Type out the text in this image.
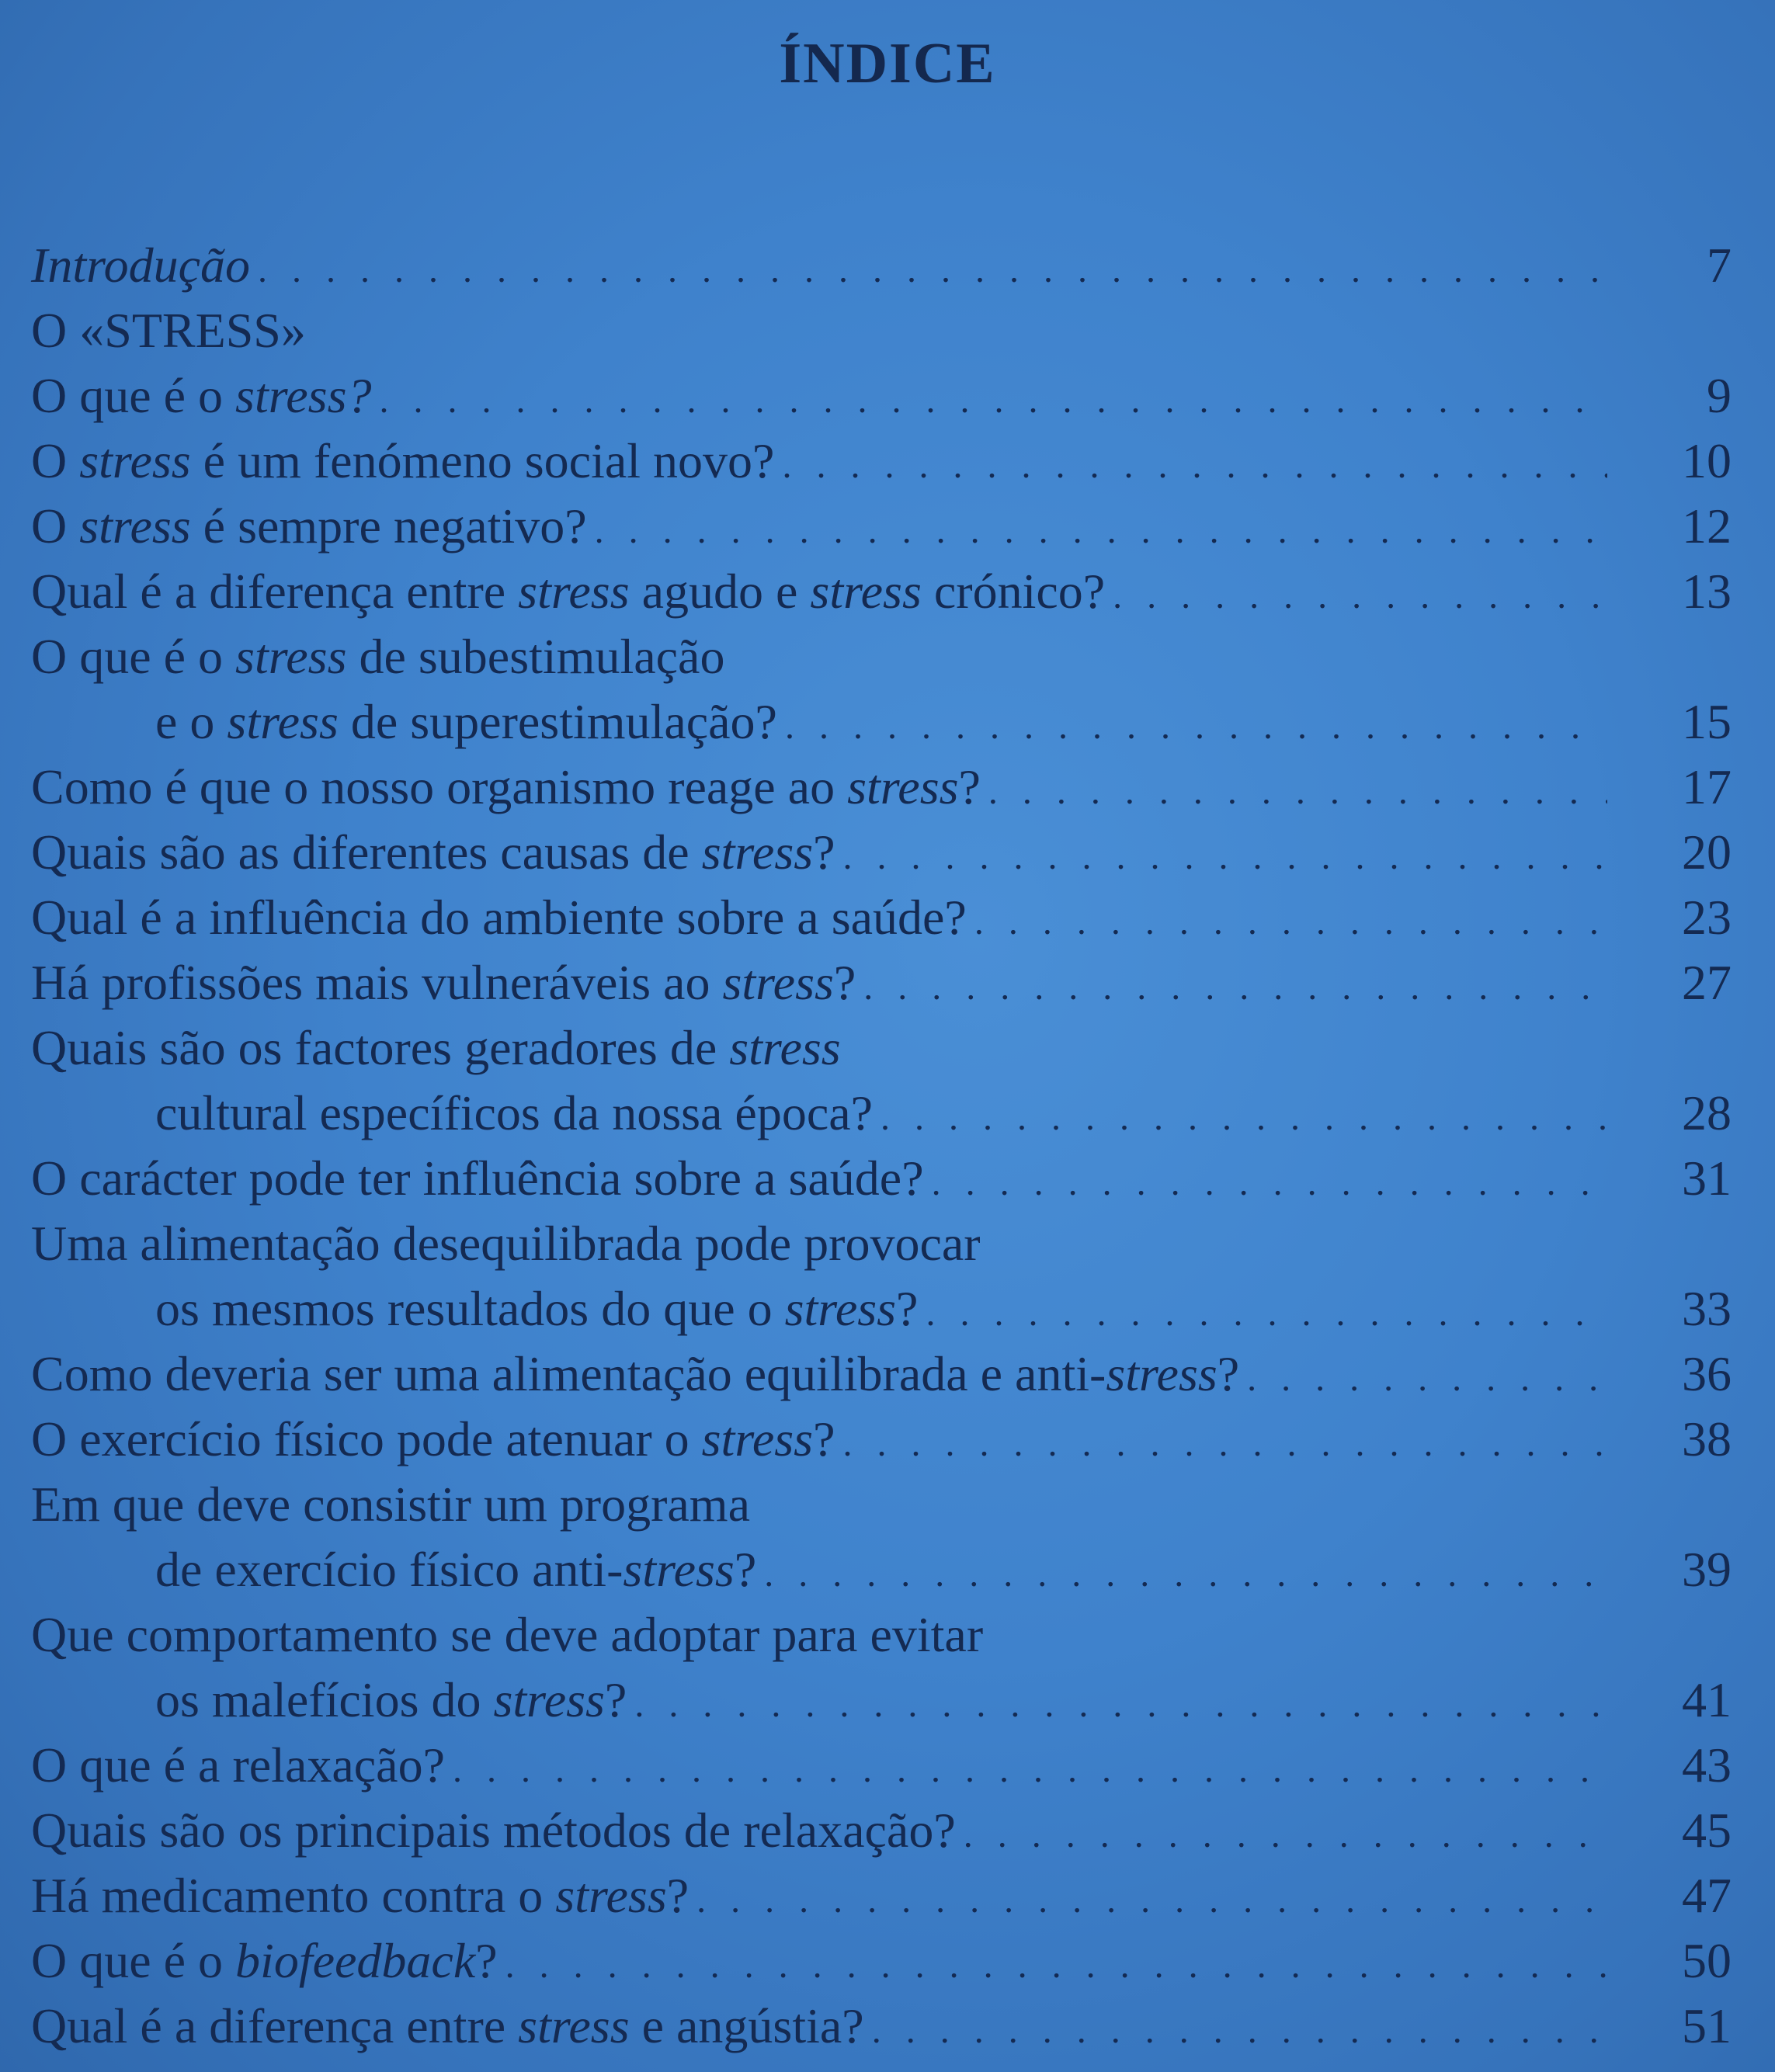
ÍNDICE
Introdução . . .	7
O «STRESS»
O que é o stress? . . .	9
O stress é um fenómeno social novo? . . .	10
O stress é sempre negativo? . . .	12
Qual é a diferença entre stress agudo e stress crónico? . . .	13
O que é o stress de subestimulação
e o stress de superestimulação? . . .	15
Como é que o nosso organismo reage ao stress? . . .	17
Quais são as diferentes causas de stress? . . .	20
Qual é a influência do ambiente sobre a saúde? . . .	23
Há profissões mais vulneráveis ao stress? . . .	27
Quais são os factores geradores de stress
cultural específicos da nossa época? . . .	28
O carácter pode ter influência sobre a saúde? . . .	31
Uma alimentação desequilibrada pode provocar
os mesmos resultados do que o stress? . . .	33
Como deveria ser uma alimentação equilibrada e anti-stress? . . .	36
O exercício físico pode atenuar o stress? . . .	38
Em que deve consistir um programa
de exercício físico anti-stress? . . .	39
Que comportamento se deve adoptar para evitar
os malefícios do stress? . . .	41
O que é a relaxação? . . .	43
Quais são os principais métodos de relaxação? . . .	45
Há medicamento contra o stress? . . .	47
O que é o biofeedback? . . .	50
Qual é a diferença entre stress e angústia? . . .	51
